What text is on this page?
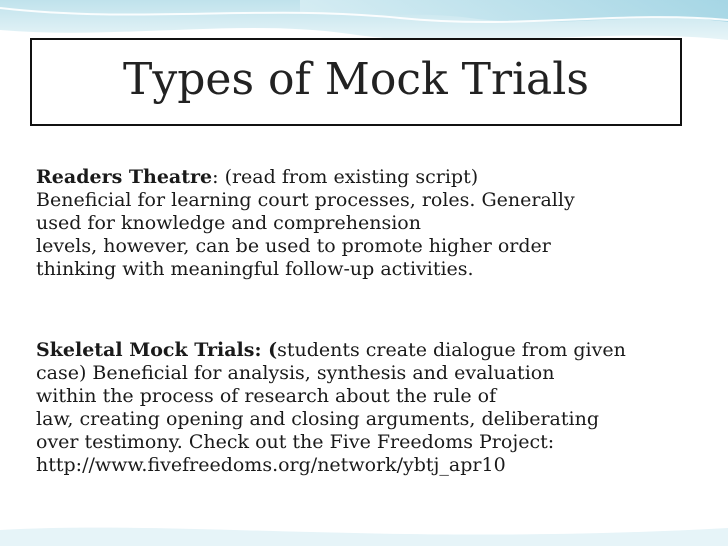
Types of Mock Trials

Readers Theatre: (read from existing script)
Beneficial for learning court processes, roles. Generally
used for knowledge and comprehension
levels, however, can be used to promote higher order
thinking with meaningful follow-up activities.

Skeletal Mock Trials: (students create dialogue from given
case) Beneficial for analysis, synthesis and evaluation
within the process of research about the rule of
law, creating opening and closing arguments, deliberating
over testimony. Check out the Five Freedoms Project:
http://www.fivefreedoms.org/network/ybtj_apr10
